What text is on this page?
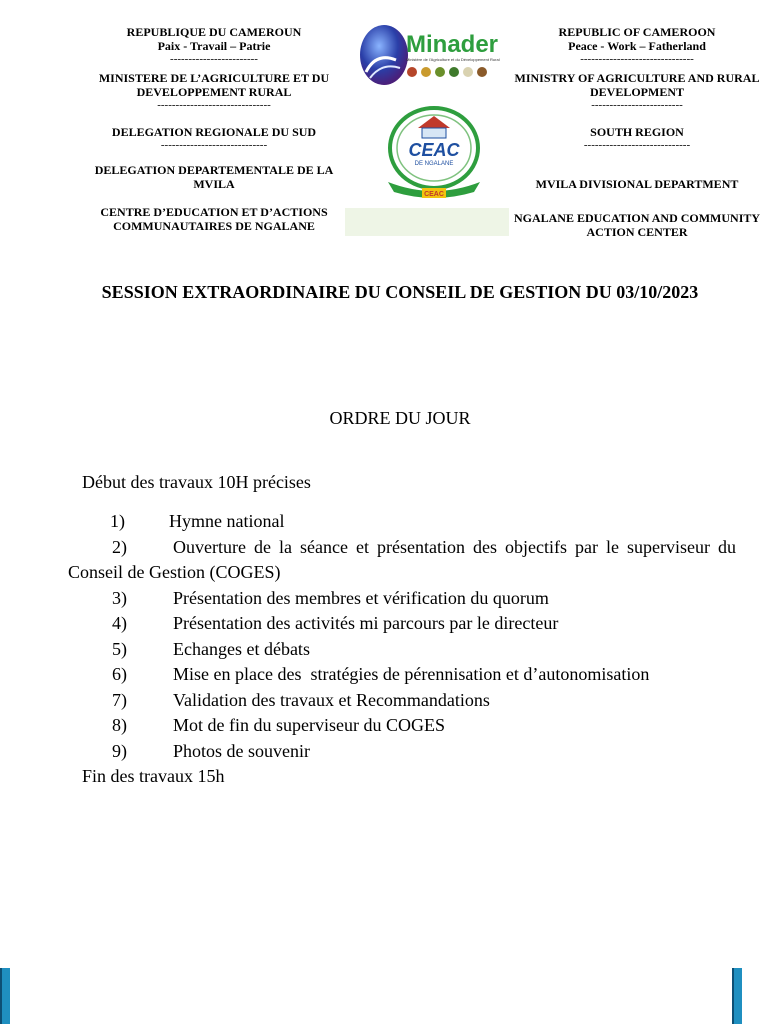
REPUBLIQUE DU CAMEROUN
Paix - Travail – Patrie
------------------------
MINISTERE DE L’AGRICULTURE ET DU DEVELOPPEMENT RURAL
-------------------------------
DELEGATION REGIONALE DU SUD
-----------------------------
DELEGATION DEPARTEMENTALE DE LA MVILA
CENTRE D’EDUCATION ET D’ACTIONS COMMUNAUTAIRES DE NGALANE
REPUBLIC OF CAMEROON
Peace - Work – Fatherland
-------------------------------
MINISTRY OF AGRICULTURE AND RURAL DEVELOPMENT
-------------------------
SOUTH REGION
-----------------------------
MVILA DIVISIONAL DEPARTMENT
NGALANE EDUCATION AND COMMUNITY ACTION CENTER
Minader
Ministère de l’Agriculture et du Développement Rural
CEAC
DE NGALANE
CEAC
SESSION EXTRAORDINAIRE DU CONSEIL DE GESTION DU 03/10/2023
ORDRE DU JOUR
Début des travaux 10H précises
1)	Hymne national
2)	Ouverture de la séance et présentation des objectifs par le superviseur du Conseil de Gestion (COGES)
3)	Présentation des membres et vérification du quorum
4)	Présentation des activités mi parcours par le directeur
5)	Echanges et débats
6)	Mise en place des  stratégies de pérennisation et d’autonomisation
7)	Validation des travaux et Recommandations
8)	Mot de fin du superviseur du COGES
9)	Photos de souvenir
Fin des travaux 15h
